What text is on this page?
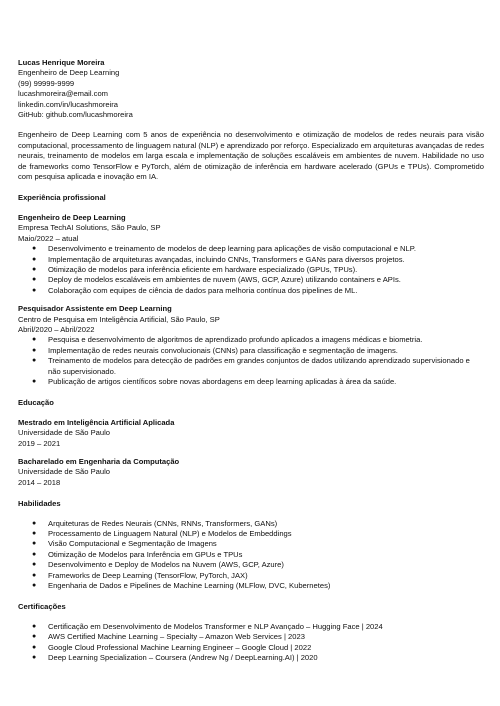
Lucas Henrique Moreira
Engenheiro de Deep Learning
(99) 99999-9999
lucashmoreira@email.com
linkedin.com/in/lucashmoreira
GitHub: github.com/lucashmoreira

Engenheiro de Deep Learning com 5 anos de experiência no desenvolvimento e otimização de modelos de redes neurais para visão computacional, processamento de linguagem natural (NLP) e aprendizado por reforço. Especializado em arquiteturas avançadas de redes neurais, treinamento de modelos em larga escala e implementação de soluções escaláveis em ambientes de nuvem. Habilidade no uso de frameworks como TensorFlow e PyTorch, além de otimização de inferência em hardware acelerado (GPUs e TPUs). Comprometido com pesquisa aplicada e inovação em IA.

Experiência profissional
Engenheiro de Deep Learning
Empresa TechAI Solutions, São Paulo, SP
Maio/2022 – atual
● Desenvolvimento e treinamento de modelos de deep learning para aplicações de visão computacional e NLP.
● Implementação de arquiteturas avançadas, incluindo CNNs, Transformers e GANs para diversos projetos.
● Otimização de modelos para inferência eficiente em hardware especializado (GPUs, TPUs).
● Deploy de modelos escaláveis em ambientes de nuvem (AWS, GCP, Azure) utilizando containers e APIs.
● Colaboração com equipes de ciência de dados para melhoria contínua dos pipelines de ML.
Pesquisador Assistente em Deep Learning
Centro de Pesquisa em Inteligência Artificial, São Paulo, SP
Abril/2020 – Abril/2022
● Pesquisa e desenvolvimento de algoritmos de aprendizado profundo aplicados a imagens médicas e biometria.
● Implementação de redes neurais convolucionais (CNNs) para classificação e segmentação de imagens.
● Treinamento de modelos para detecção de padrões em grandes conjuntos de dados utilizando aprendizado supervisionado e não supervisionado.
● Publicação de artigos científicos sobre novas abordagens em deep learning aplicadas à área da saúde.
Educação
Mestrado em Inteligência Artificial Aplicada
Universidade de São Paulo
2019 – 2021
Bacharelado em Engenharia da Computação
Universidade de São Paulo
2014 – 2018
Habilidades
● Arquiteturas de Redes Neurais (CNNs, RNNs, Transformers, GANs)
● Processamento de Linguagem Natural (NLP) e Modelos de Embeddings
● Visão Computacional e Segmentação de Imagens
● Otimização de Modelos para Inferência em GPUs e TPUs
● Desenvolvimento e Deploy de Modelos na Nuvem (AWS, GCP, Azure)
● Frameworks de Deep Learning (TensorFlow, PyTorch, JAX)
● Engenharia de Dados e Pipelines de Machine Learning (MLFlow, DVC, Kubernetes)
Certificações
● Certificação em Desenvolvimento de Modelos Transformer e NLP Avançado – Hugging Face | 2024
● AWS Certified Machine Learning – Specialty – Amazon Web Services | 2023
● Google Cloud Professional Machine Learning Engineer – Google Cloud | 2022
● Deep Learning Specialization – Coursera (Andrew Ng / DeepLearning.AI) | 2020
